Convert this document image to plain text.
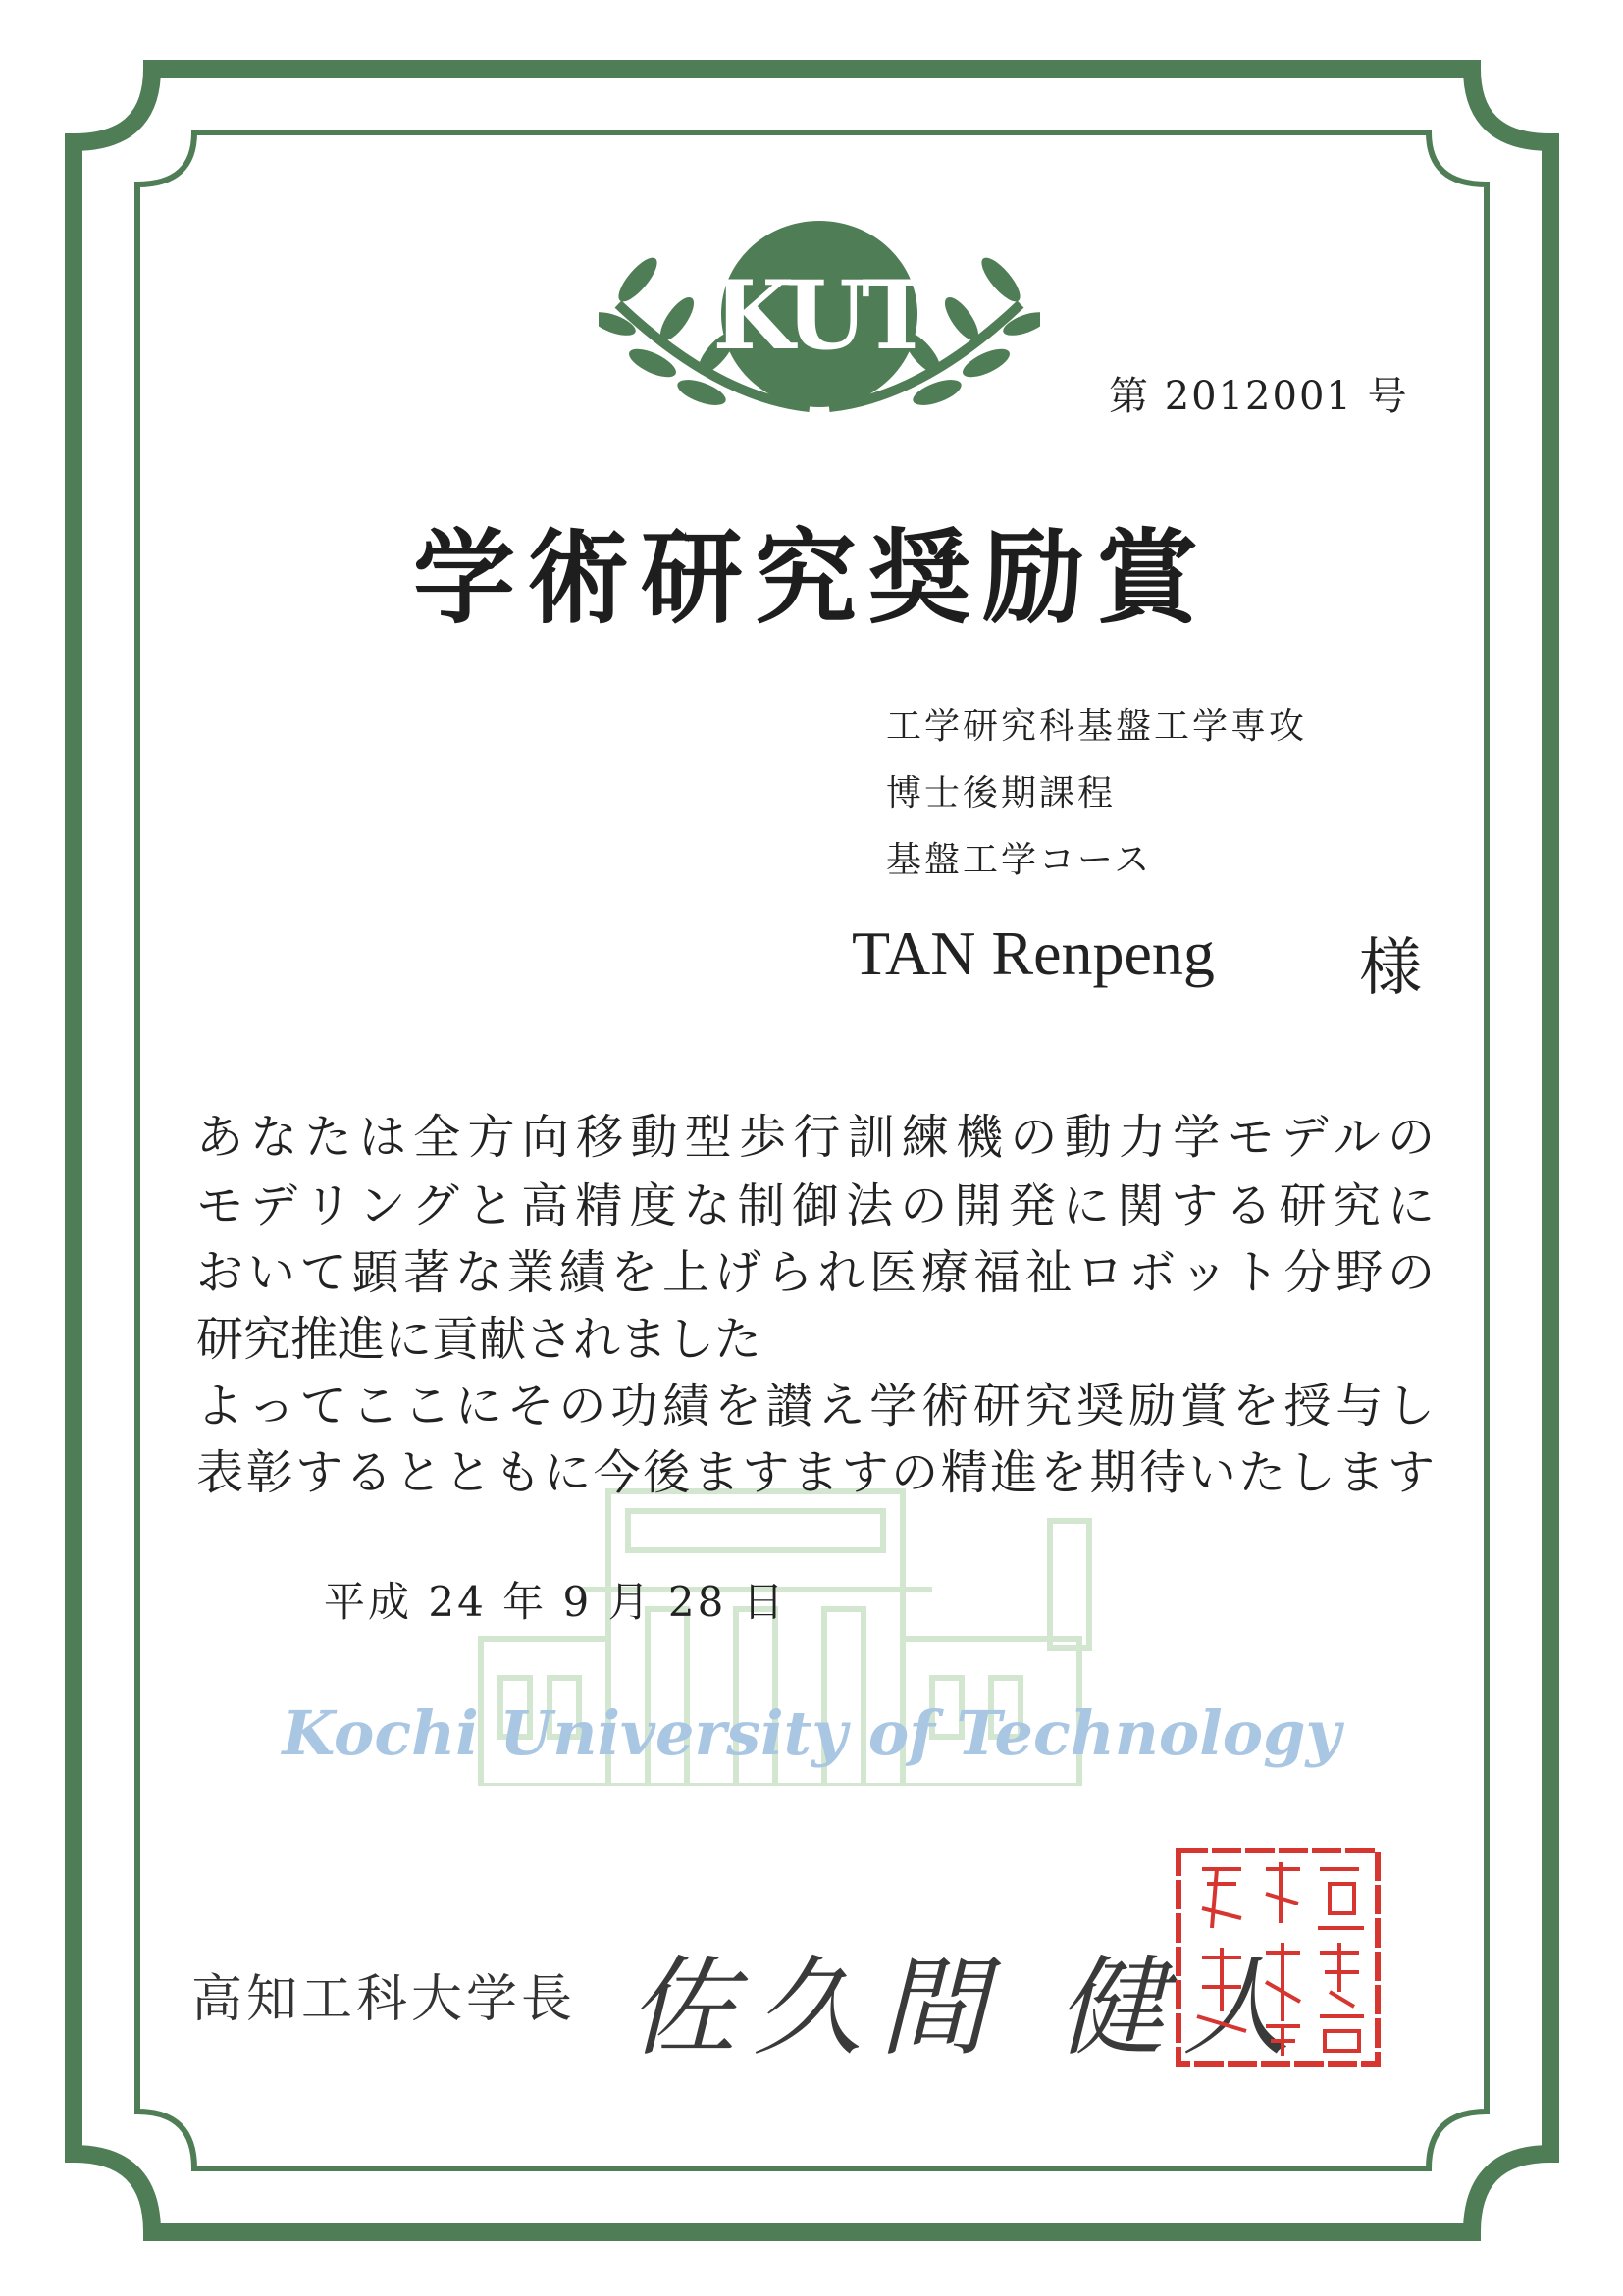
KUT

第 2012001 号

学術研究奨励賞

工学研究科基盤工学専攻

博士後期課程

基盤工学コース

TAN Renpeng 様

あなたは全方向移動型歩行訓練機の動力学モデルの

モデリングと高精度な制御法の開発に関する研究に

おいて顕著な業績を上げられ医療福祉ロボット分野の

研究推進に貢献されました

よってここにその功績を讃え学術研究奨励賞を授与し

表彰するとともに今後ますますの精進を期待いたします

平成 24 年 9 月 28 日

Kochi University of Technology

高知工科大学長 佐久間 健人
